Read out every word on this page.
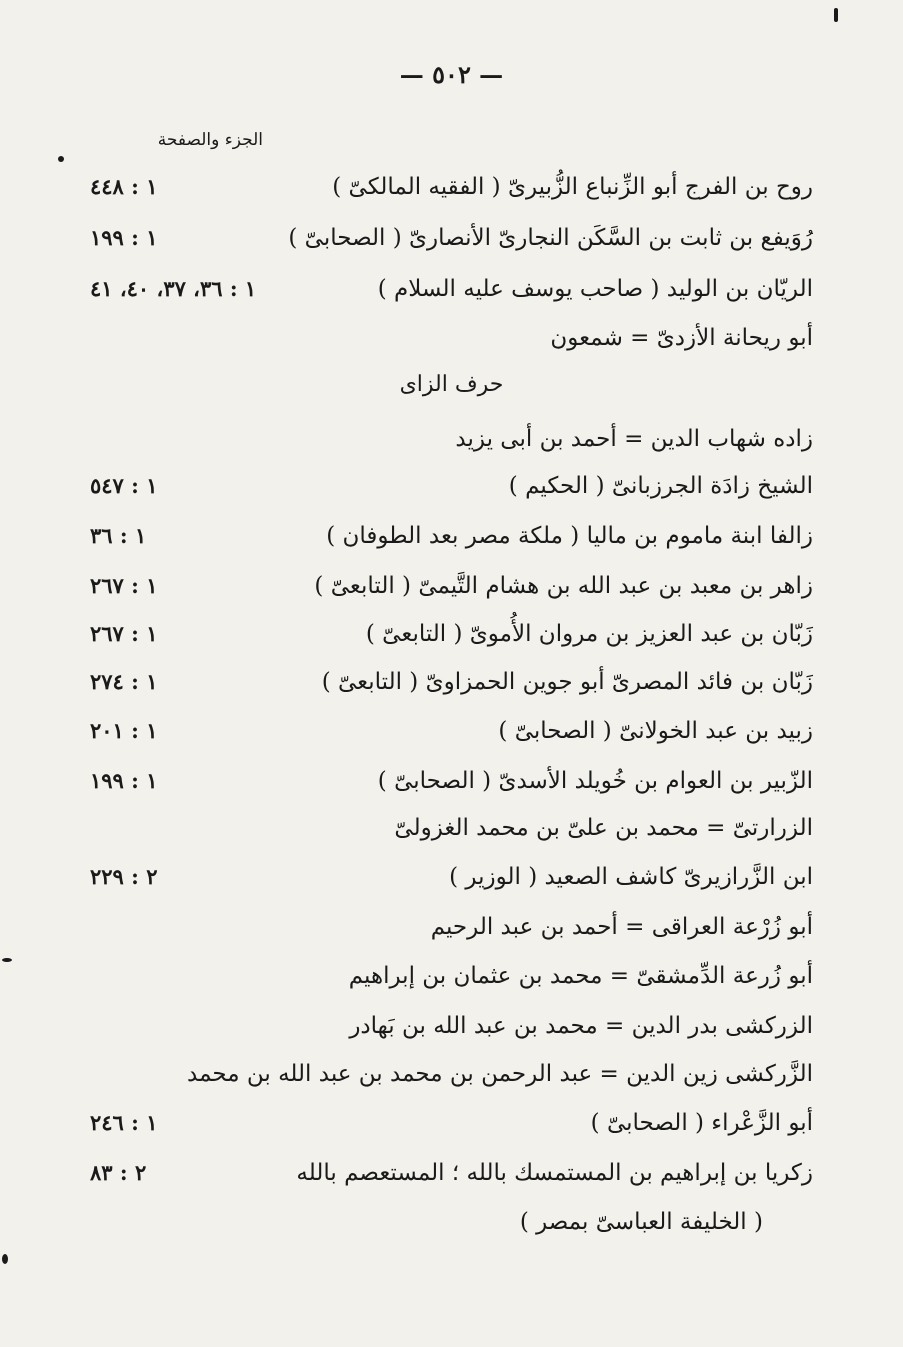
— ٥٠٢ —
الجزء والصفحة
روح بن الفرج أبو الزِّنباع الزُّبيرىّ ( الفقيه المالكىّ )
١ : ٤٤٨
رُوَيفع بن ثابت بن السَّكَن النجارىّ الأنصارىّ ( الصحابىّ )
١ : ١٩٩
الريّان بن الوليد ( صاحب يوسف عليه السلام )
١ : ٣٦، ٣٧، ٤٠، ٤١
أبو ريحانة الأزدىّ = شمعون
حرف الزاى
زاده شهاب الدين = أحمد بن أبى يزيد
الشيخ زادَة الجرزبانىّ ( الحكيم )
١ : ٥٤٧
زالفا ابنة ماموم بن ماليا ( ملكة مصر بعد الطوفان )
١ : ٣٦
زاهر بن معبد بن عبد الله بن هشام التَّيمىّ ( التابعىّ )
١ : ٢٦٧
زَبّان بن عبد العزيز بن مروان الأُموىّ ( التابعىّ )
١ : ٢٦٧
زَبّان بن فائد المصرىّ أبو جوين الحمزاوىّ ( التابعىّ )
١ : ٢٧٤
زبيد بن عبد الخولانىّ ( الصحابىّ )
١ : ٢٠١
الزّبير بن العوام بن خُويلد الأسدىّ ( الصحابىّ )
١ : ١٩٩
الزرارتىّ = محمد بن علىّ بن محمد الغزولىّ
ابن الزَّرازيرىّ كاشف الصعيد ( الوزير )
٢ : ٢٢٩
أبو زُرْعة العراقى = أحمد بن عبد الرحيم
أبو زُرعة الدِّمشقىّ = محمد بن عثمان بن إبراهيم
الزركشى بدر الدين = محمد بن عبد الله بن بَهادر
الزَّركشى زين الدين = عبد الرحمن بن محمد بن عبد الله بن محمد
أبو الزَّعْراء ( الصحابىّ )
١ : ٢٤٦
زكريا بن إبراهيم بن المستمسك بالله ؛ المستعصم بالله
٢ : ٨٣
( الخليفة العباسىّ بمصر )
